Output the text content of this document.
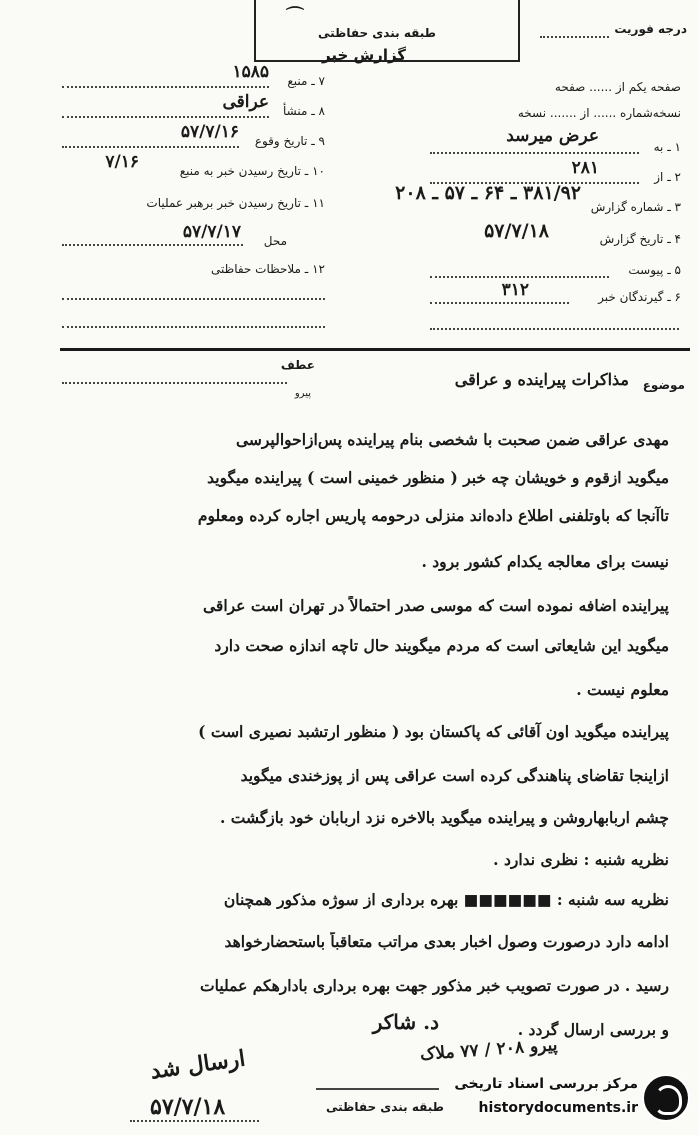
طبقه بندی حفاظتی
گزارش خبر
⌒
درجه فوریت
صفحه یکم از ...... صفحه
نسخه‌شماره ...... از ....... نسخه
۱ ـ به
عرض میرسد
۲ ـ از
۲۸۱
۳ ـ شماره گزارش
۳۸۱/۹۲ ـ ۶۴ ـ ۵۷ ـ ۲۰۸
۴ ـ تاریخ گزارش
۵۷/۷/۱۸
۵ ـ پیوست
۶ ـ گیرندگان خبر
۳۱۲
۷ ـ منبع
۱۵۸۵
۸ ـ منشأ
عراقی
۹ ـ تاریخ وقوع
۵۷/۷/۱۶
۱۰ ـ تاریخ رسیدن خبر به منبع
۷/۱۶
۱۱ ـ تاریخ رسیدن خبر برهبر عملیات
محل
۵۷/۷/۱۷
۱۲ ـ ملاحظات حفاظتی
موضوع
مذاکرات پیراینده و عراقی
عطف
پیرو
مهدی عراقی ضمن صحبت با شخصی بنام پیراینده پس‌ازاحوالپرسی
میگوید ازقوم و خویشان چه خبر ( منظور خمینی است ) پیراینده میگوید
تاآنجا که باوتلفنی اطلاع داده‌اند منزلی درحومه پاریس اجاره کرده ومعلوم
نیست برای معالجه یکدام کشور برود .
پیراینده اضافه نموده است که موسی صدر احتمالاً در تهران است عراقی
میگوید این شایعاتی است که مردم میگویند حال تاچه اندازه صحت دارد
معلوم نیست .
پیراینده میگوید اون آقائی که پاکستان بود ( منظور ارتشبد نصیری است )
ازاینجا تقاضای پناهندگی کرده است عراقی پس از پوزخندی میگوید
چشم اربابهاروشن و پیراینده میگوید بالاخره نزد اربابان خود بازگشت .
نظریه شنبه : نظری ندارد .
نظریه سه شنبه : ■■■■■■ بهره برداری از سوژه مذکور همچنان
ادامه دارد درصورت وصول اخبار بعدی مراتب متعاقباً باستحضارخواهد
رسید . در صورت تصویب خبر مذکور جهت بهره برداری بادارهکم عملیات
و بررسی ارسال گردد .
د. شاکر
ارسال شد
۵۷/۷/۱۸
پیرو ۲۰۸ / ۷۷ ملاک
طبقه بندی حفاظتی
مرکز بررسی اسناد تاریخی
historydocuments.ir
